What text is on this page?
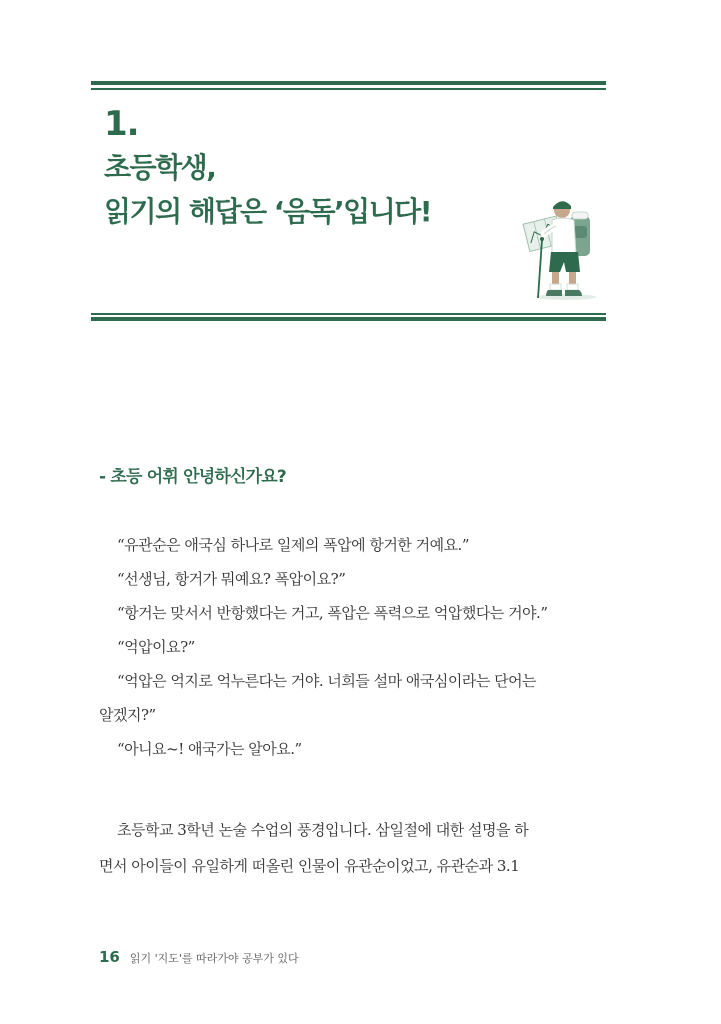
1.
초등학생,
읽기의 해답은 ‘음독’입니다!
- 초등 어휘 안녕하신가요?
“유관순은 애국심 하나로 일제의 폭압에 항거한 거예요.”
“선생님, 항거가 뭐예요? 폭압이요?”
“항거는 맞서서 반항했다는 거고, 폭압은 폭력으로 억압했다는 거야.”
“억압이요?”
“억압은 억지로 억누른다는 거야. 너희들 설마 애국심이라는 단어는
알겠지?”
“아니요~! 애국가는 알아요.”
초등학교 3학년 논술 수업의 풍경입니다. 삼일절에 대한 설명을 하
면서 아이들이 유일하게 떠올린 인물이 유관순이었고, 유관순과 3.1
16 읽기 '지도'를 따라가야 공부가 있다
